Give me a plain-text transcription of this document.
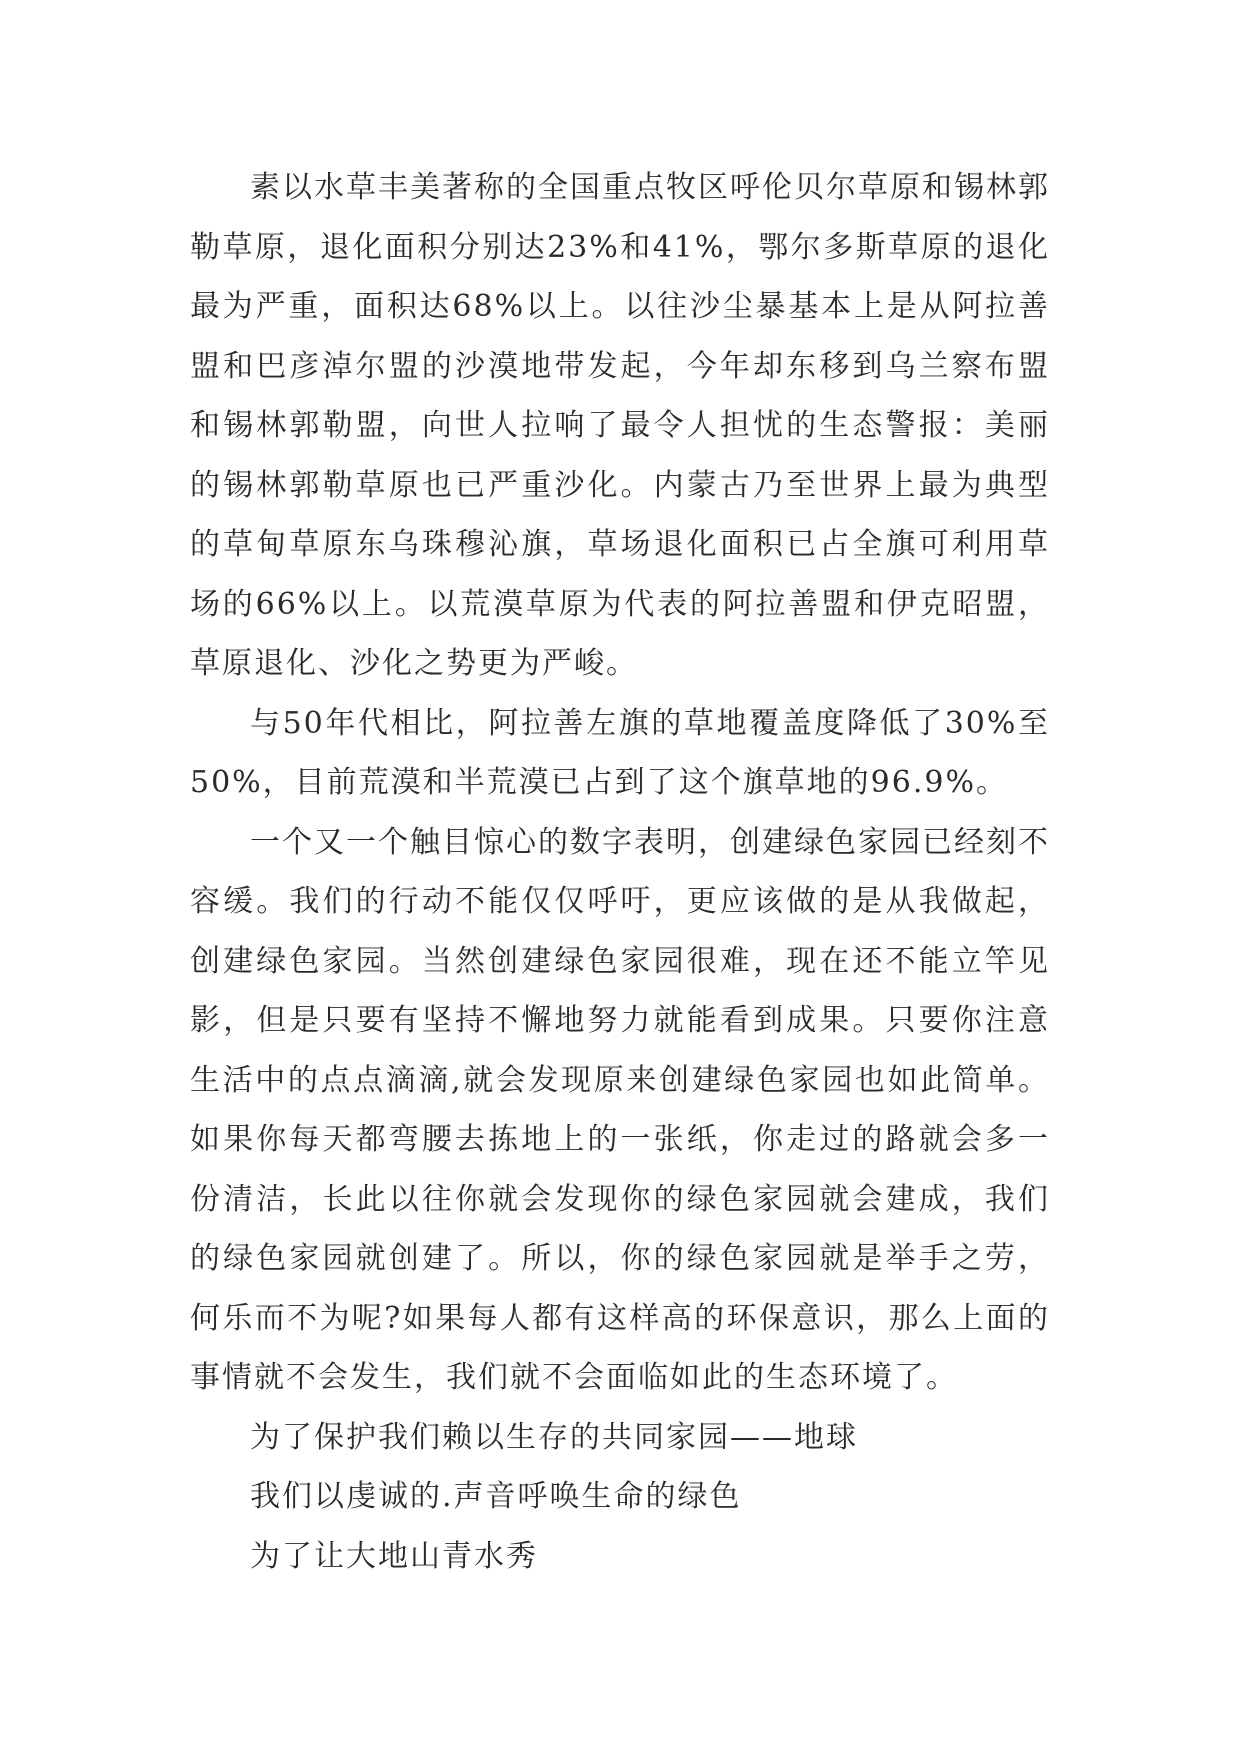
素以水草丰美著称的全国重点牧区呼伦贝尔草原和锡林郭勒草原，退化面积分别达23%和41%，鄂尔多斯草原的退化最为严重，面积达68%以上。以往沙尘暴基本上是从阿拉善盟和巴彦淖尔盟的沙漠地带发起，今年却东移到乌兰察布盟和锡林郭勒盟，向世人拉响了最令人担忧的生态警报：美丽的锡林郭勒草原也已严重沙化。内蒙古乃至世界上最为典型的草甸草原东乌珠穆沁旗，草场退化面积已占全旗可利用草场的66%以上。以荒漠草原为代表的阿拉善盟和伊克昭盟，草原退化、沙化之势更为严峻。

与50年代相比，阿拉善左旗的草地覆盖度降低了30%至50%，目前荒漠和半荒漠已占到了这个旗草地的96.9%。

一个又一个触目惊心的数字表明，创建绿色家园已经刻不容缓。我们的行动不能仅仅呼吁，更应该做的是从我做起，创建绿色家园。当然创建绿色家园很难，现在还不能立竿见影，但是只要有坚持不懈地努力就能看到成果。只要你注意生活中的点点滴滴,就会发现原来创建绿色家园也如此简单。如果你每天都弯腰去拣地上的一张纸，你走过的路就会多一份清洁，长此以往你就会发现你的绿色家园就会建成，我们的绿色家园就创建了。所以，你的绿色家园就是举手之劳，何乐而不为呢?如果每人都有这样高的环保意识，那么上面的事情就不会发生，我们就不会面临如此的生态环境了。

为了保护我们赖以生存的共同家园——地球

我们以虔诚的.声音呼唤生命的绿色

为了让大地山青水秀
